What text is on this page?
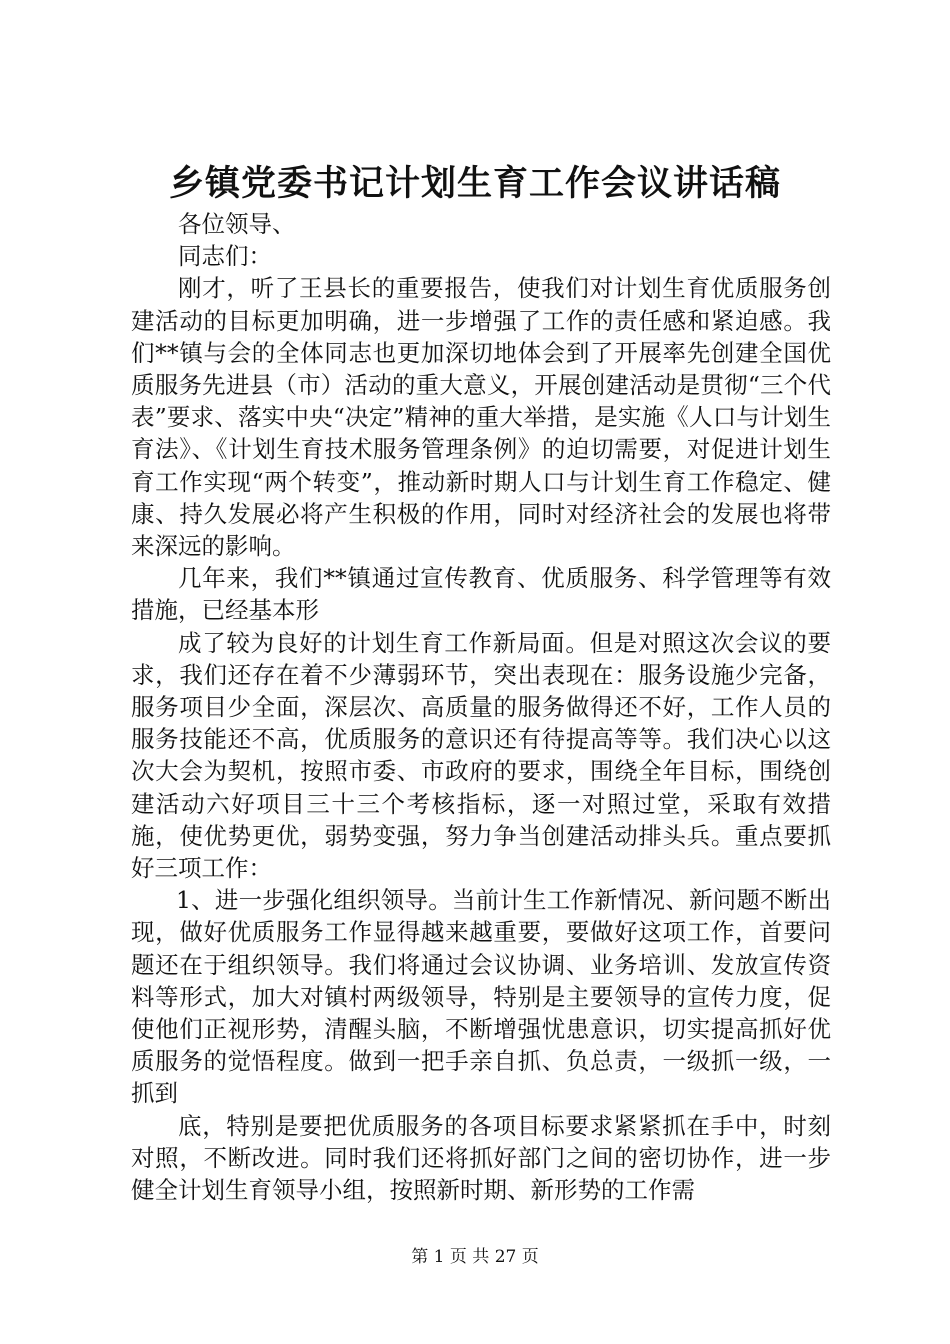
乡镇党委书记计划生育工作会议讲话稿

各位领导、

同志们：

刚才，听了王县长的重要报告，使我们对计划生育优质服务创建活动的目标更加明确，进一步增强了工作的责任感和紧迫感。我们**镇与会的全体同志也更加深切地体会到了开展率先创建全国优质服务先进县（市）活动的重大意义，开展创建活动是贯彻“三个代表”要求、落实中央“决定”精神的重大举措，是实施《人口与计划生育法》、《计划生育技术服务管理条例》的迫切需要，对促进计划生育工作实现“两个转变”，推动新时期人口与计划生育工作稳定、健康、持久发展必将产生积极的作用，同时对经济社会的发展也将带来深远的影响。

几年来，我们**镇通过宣传教育、优质服务、科学管理等有效措施，已经基本形

成了较为良好的计划生育工作新局面。但是对照这次会议的要求，我们还存在着不少薄弱环节，突出表现在：服务设施少完备，服务项目少全面，深层次、高质量的服务做得还不好，工作人员的服务技能还不高，优质服务的意识还有待提高等等。我们决心以这次大会为契机，按照市委、市政府的要求，围绕全年目标，围绕创建活动六好项目三十三个考核指标，逐一对照过堂，采取有效措施，使优势更优，弱势变强，努力争当创建活动排头兵。重点要抓好三项工作：

1、进一步强化组织领导。当前计生工作新情况、新问题不断出现，做好优质服务工作显得越来越重要，要做好这项工作，首要问题还在于组织领导。我们将通过会议协调、业务培训、发放宣传资料等形式，加大对镇村两级领导，特别是主要领导的宣传力度，促使他们正视形势，清醒头脑，不断增强忧患意识，切实提高抓好优质服务的觉悟程度。做到一把手亲自抓、负总责，一级抓一级，一抓到

底，特别是要把优质服务的各项目标要求紧紧抓在手中，时刻对照，不断改进。同时我们还将抓好部门之间的密切协作，进一步健全计划生育领导小组，按照新时期、新形势的工作需

第 1 页 共 27 页
